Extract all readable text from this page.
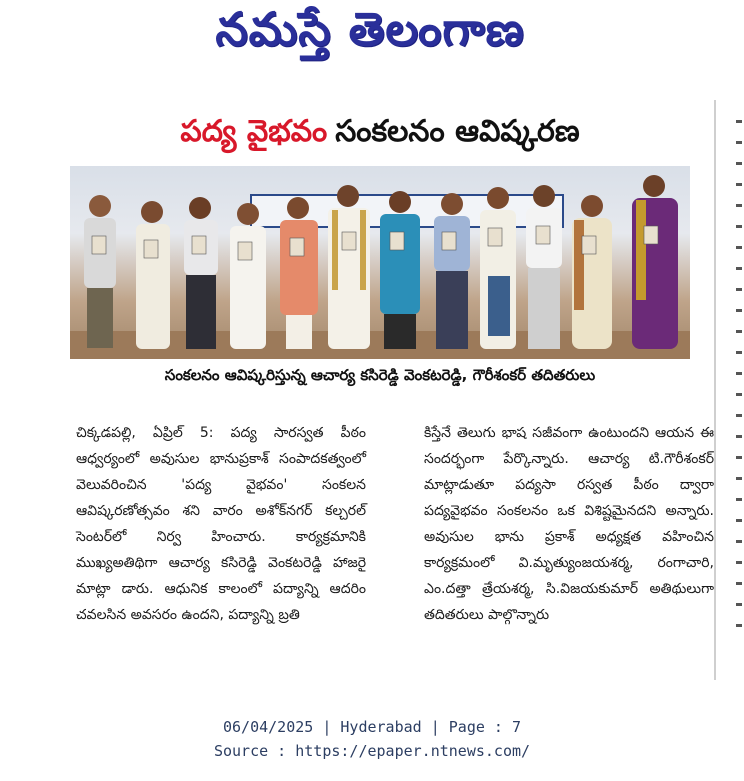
నమస్తే తెలంగాణ
పద్య వైభవం సంకలనం ఆవిష్కరణ
సంకలనం ఆవిష్కరిస్తున్న ఆచార్య కసిరెడ్డి వెంకటరెడ్డి, గౌరీశంకర్ తదితరులు
చిక్కడపల్లి, ఏప్రిల్ 5: పద్య సారస్వత పీఠం ఆధ్వర్యంలో అవుసుల భానుప్రకాశ్ సంపాదకత్వంలో వెలువరించిన 'పద్య వైభవం' సంకలన ఆవిష్కరణోత్సవం శని వారం అశోక్‌నగర్ కల్చరల్ సెంటర్‌లో నిర్వ హించారు. కార్యక్రమానికి ముఖ్యఅతిథిగా ఆచార్య కసిరెడ్డి వెంకటరెడ్డి హాజరై మాట్లా డారు. ఆధునిక కాలంలో పద్యాన్ని ఆదరిం చవలసిన అవసరం ఉందని, పద్యాన్ని బ్రతి
కిస్తేనే తెలుగు భాష సజీవంగా ఉంటుందని ఆయన ఈ సందర్భంగా పేర్కొన్నారు. ఆచార్య టి.గౌరీశంకర్ మాట్లాడుతూ పద్యసా రస్వత పీఠం ద్వారా పద్యవైభవం సంకలనం ఒక విశిష్టమైనదని అన్నారు. అవుసుల భాను ప్రకాశ్ అధ్యక్షత వహించిన కార్యక్రమంలో వి.మృత్యుంజయశర్మ, రంగాచారి, ఎం.దత్తా త్రేయశర్మ, సి.విజయకుమార్ అతిథులుగా తదితరులు పాల్గొన్నారు
06/04/2025 | Hyderabad | Page : 7
Source : https://epaper.ntnews.com/
